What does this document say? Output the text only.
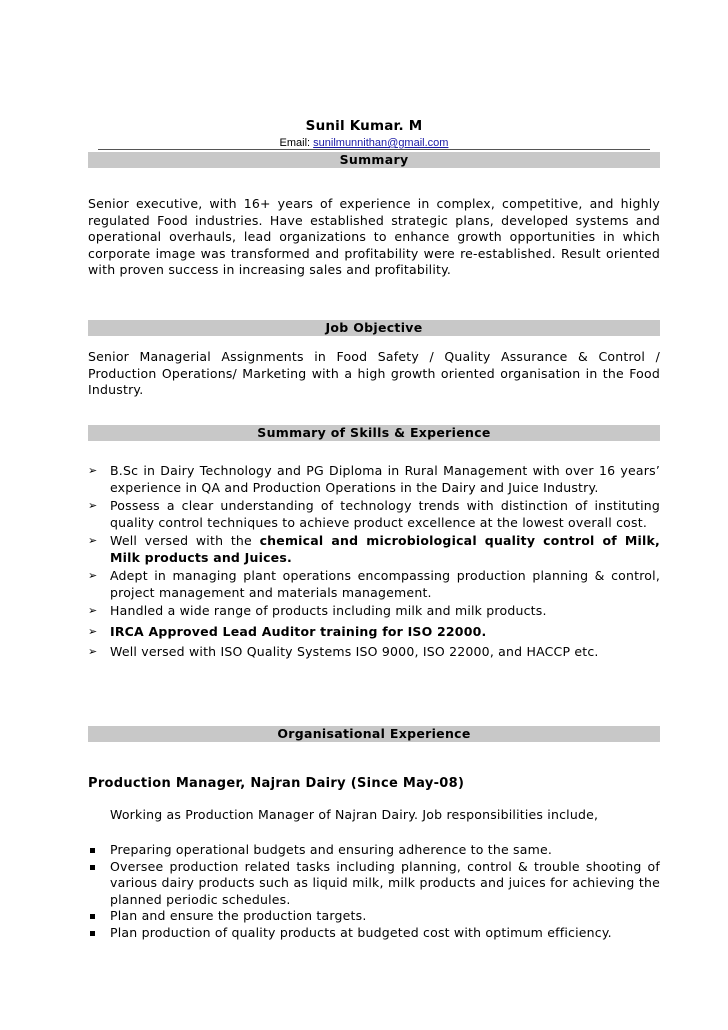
Sunil Kumar. M
Email: sunilmunnithan@gmail.com
Summary
Senior executive, with 16+ years of experience in complex, competitive, and highly regulated Food industries. Have established strategic plans, developed systems and operational overhauls, lead organizations to enhance growth opportunities in which corporate image was transformed and profitability were re-established. Result oriented with proven success in increasing sales and profitability.
Job Objective
Senior Managerial Assignments in Food Safety / Quality Assurance & Control / Production Operations/ Marketing with a high growth oriented organisation in the Food Industry.
Summary of Skills & Experience
➢	B.Sc in Dairy Technology and PG Diploma in Rural Management with over 16 years’ experience in QA and Production Operations in the Dairy and Juice Industry.
➢	Possess a clear understanding of technology trends with distinction of instituting quality control techniques to achieve product excellence at the lowest overall cost.
➢	Well versed with the chemical and microbiological quality control of Milk, Milk products and Juices.
➢	Adept in managing plant operations encompassing production planning & control, project management and materials management.
➢	Handled a wide range of products including milk and milk products.
➢	IRCA Approved Lead Auditor training for ISO 22000.
➢	Well versed with ISO Quality Systems ISO 9000, ISO 22000, and HACCP etc.
Organisational Experience
Production Manager, Najran Dairy (Since May-08)
Working as Production Manager of Najran Dairy. Job responsibilities include,
Preparing operational budgets and ensuring adherence to the same.
Oversee production related tasks including planning, control & trouble shooting of various dairy products such as liquid milk, milk products and juices for achieving the planned periodic schedules.
Plan and ensure the production targets.
Plan production of quality products at budgeted cost with optimum efficiency.
